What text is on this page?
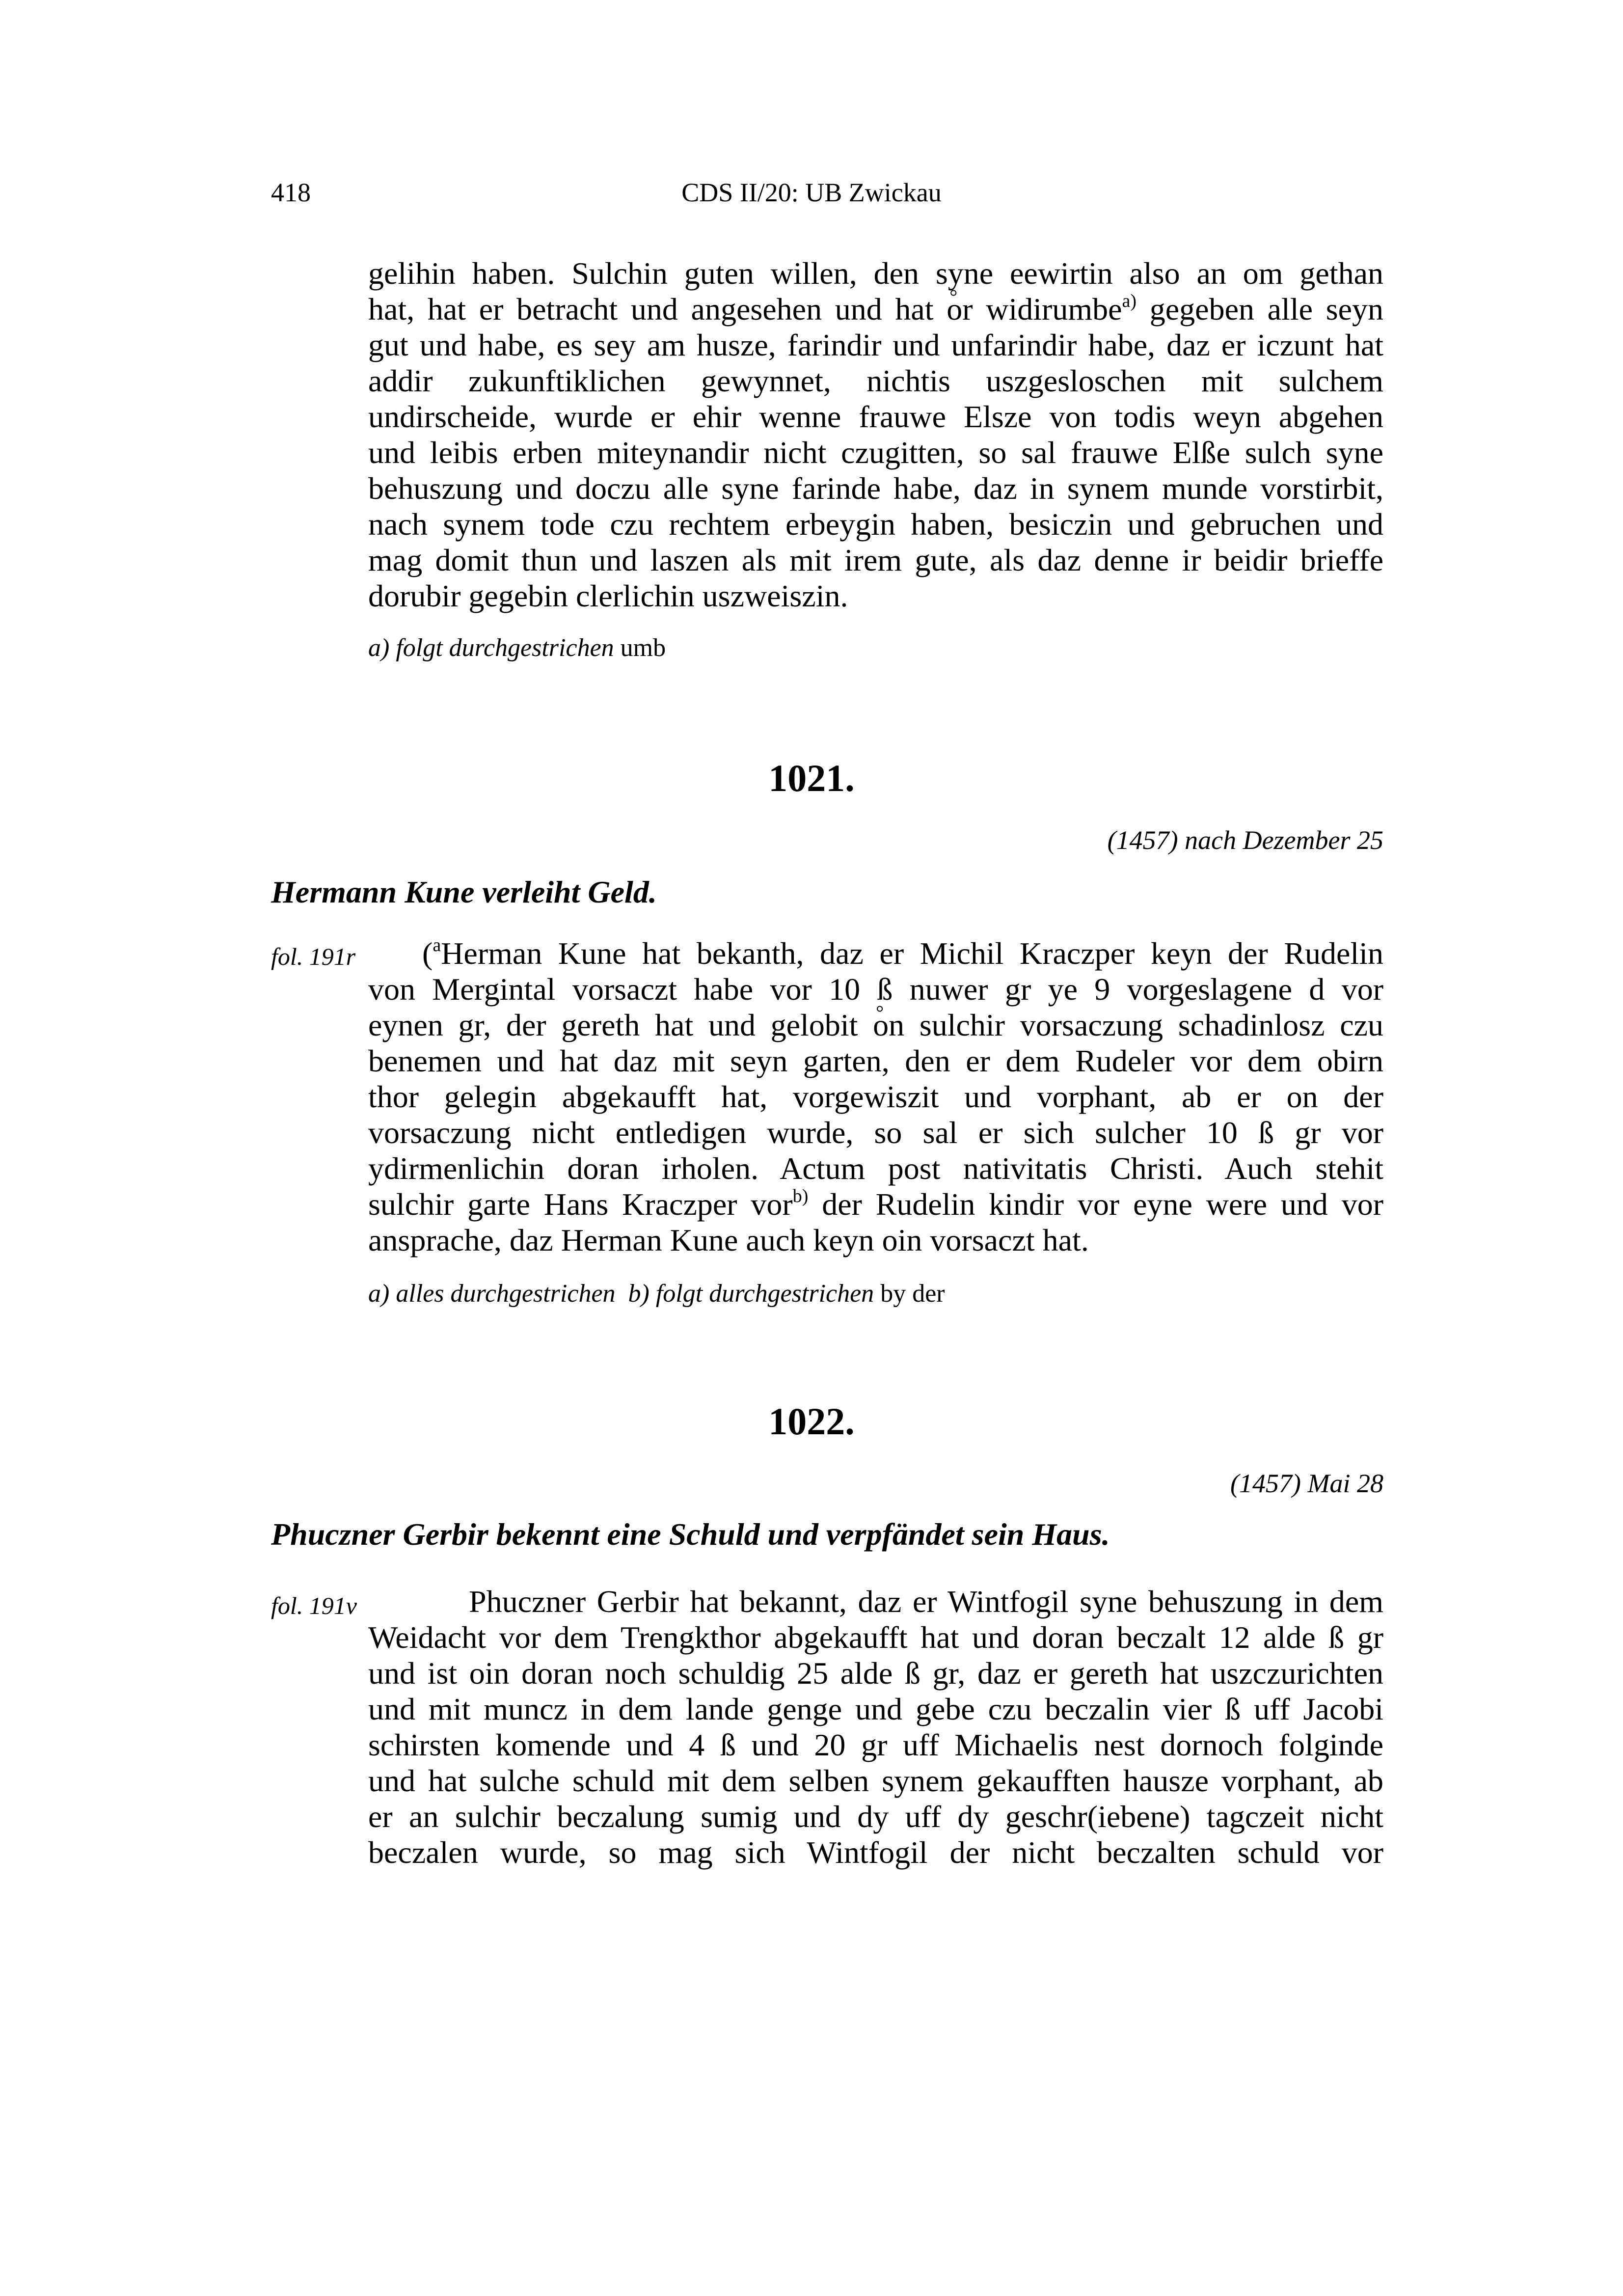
418	CDS II/20: UB Zwickau
gelihin haben. Sulchin guten willen, den syne eewirtin also an om gethan
hat, hat er betracht und angesehen und hat or ° widirumbe$^{a)}$ gegeben alle seyn
gut und habe, es sey am husze, farindir und unfarindir habe, daz er iczunt hat
addir zukunftiklichen gewynnet, nichtis uszgesloschen mit sulchem
undirscheide, wurde er ehir wenne frauwe Elsze von todis weyn abgehen
und leibis erben miteynandir nicht czugitten, so sal frauwe Elße sulch syne
behuszung und doczu alle syne farinde habe, daz in synem munde vorstirbit,
nach synem tode czu rechtem erbeygin haben, besiczin und gebruchen und
mag domit thun und laszen als mit irem gute, als daz denne ir beidir brieffe
dorubir gegebin clerlichin uszweiszin.
a) folgt durchgestrichen umb
1021.
(1457) nach Dezember 25
Hermann Kune verleiht Geld.
fol. 191r	($^a$Herman Kune hat bekanth, daz er Michil Kraczper keyn der Rudelin
von Mergintal vorsaczt habe vor 10 ß nuwer gr ye 9 vorgeslagene d vor
eynen gr, der gereth hat und gelobit on ° sulchir vorsaczung schadinlosz czu
benemen und hat daz mit seyn garten, den er dem Rudeler vor dem obirn
thor gelegin abgekaufft hat, vorgewiszit und vorphant, ab er on der
vorsaczung nicht entledigen wurde, so sal er sich sulcher 10 ß gr vor
ydirmenlichin doran irholen. Actum post nativitatis Christi. Auch stehit
sulchir garte Hans Kraczper vor$^{b)}$ der Rudelin kindir vor eyne were und vor
ansprache, daz Herman Kune auch keyn oin vorsaczt hat.
a) alles durchgestrichen b) folgt durchgestrichen by der
1022.
(1457) Mai 28
Phuczner Gerbir bekennt eine Schuld und verpfändet sein Haus.
fol. 191v	Phuczner Gerbir hat bekannt, daz er Wintfogil syne behuszung in dem
Weidacht vor dem Trengkthor abgekaufft hat und doran beczalt 12 alde ß gr
und ist oin doran noch schuldig 25 alde ß gr, daz er gereth hat uszczurichten
und mit muncz in dem lande genge und gebe czu beczalin vier ß uff Jacobi
schirsten komende und 4 ß und 20 gr uff Michaelis nest dornoch folginde
und hat sulche schuld mit dem selben synem gekaufften hausze vorphant, ab
er an sulchir beczalung sumig und dy uff dy geschr(iebene) tagczeit nicht
beczalen wurde, so mag sich Wintfogil der nicht beczalten schuld vor
